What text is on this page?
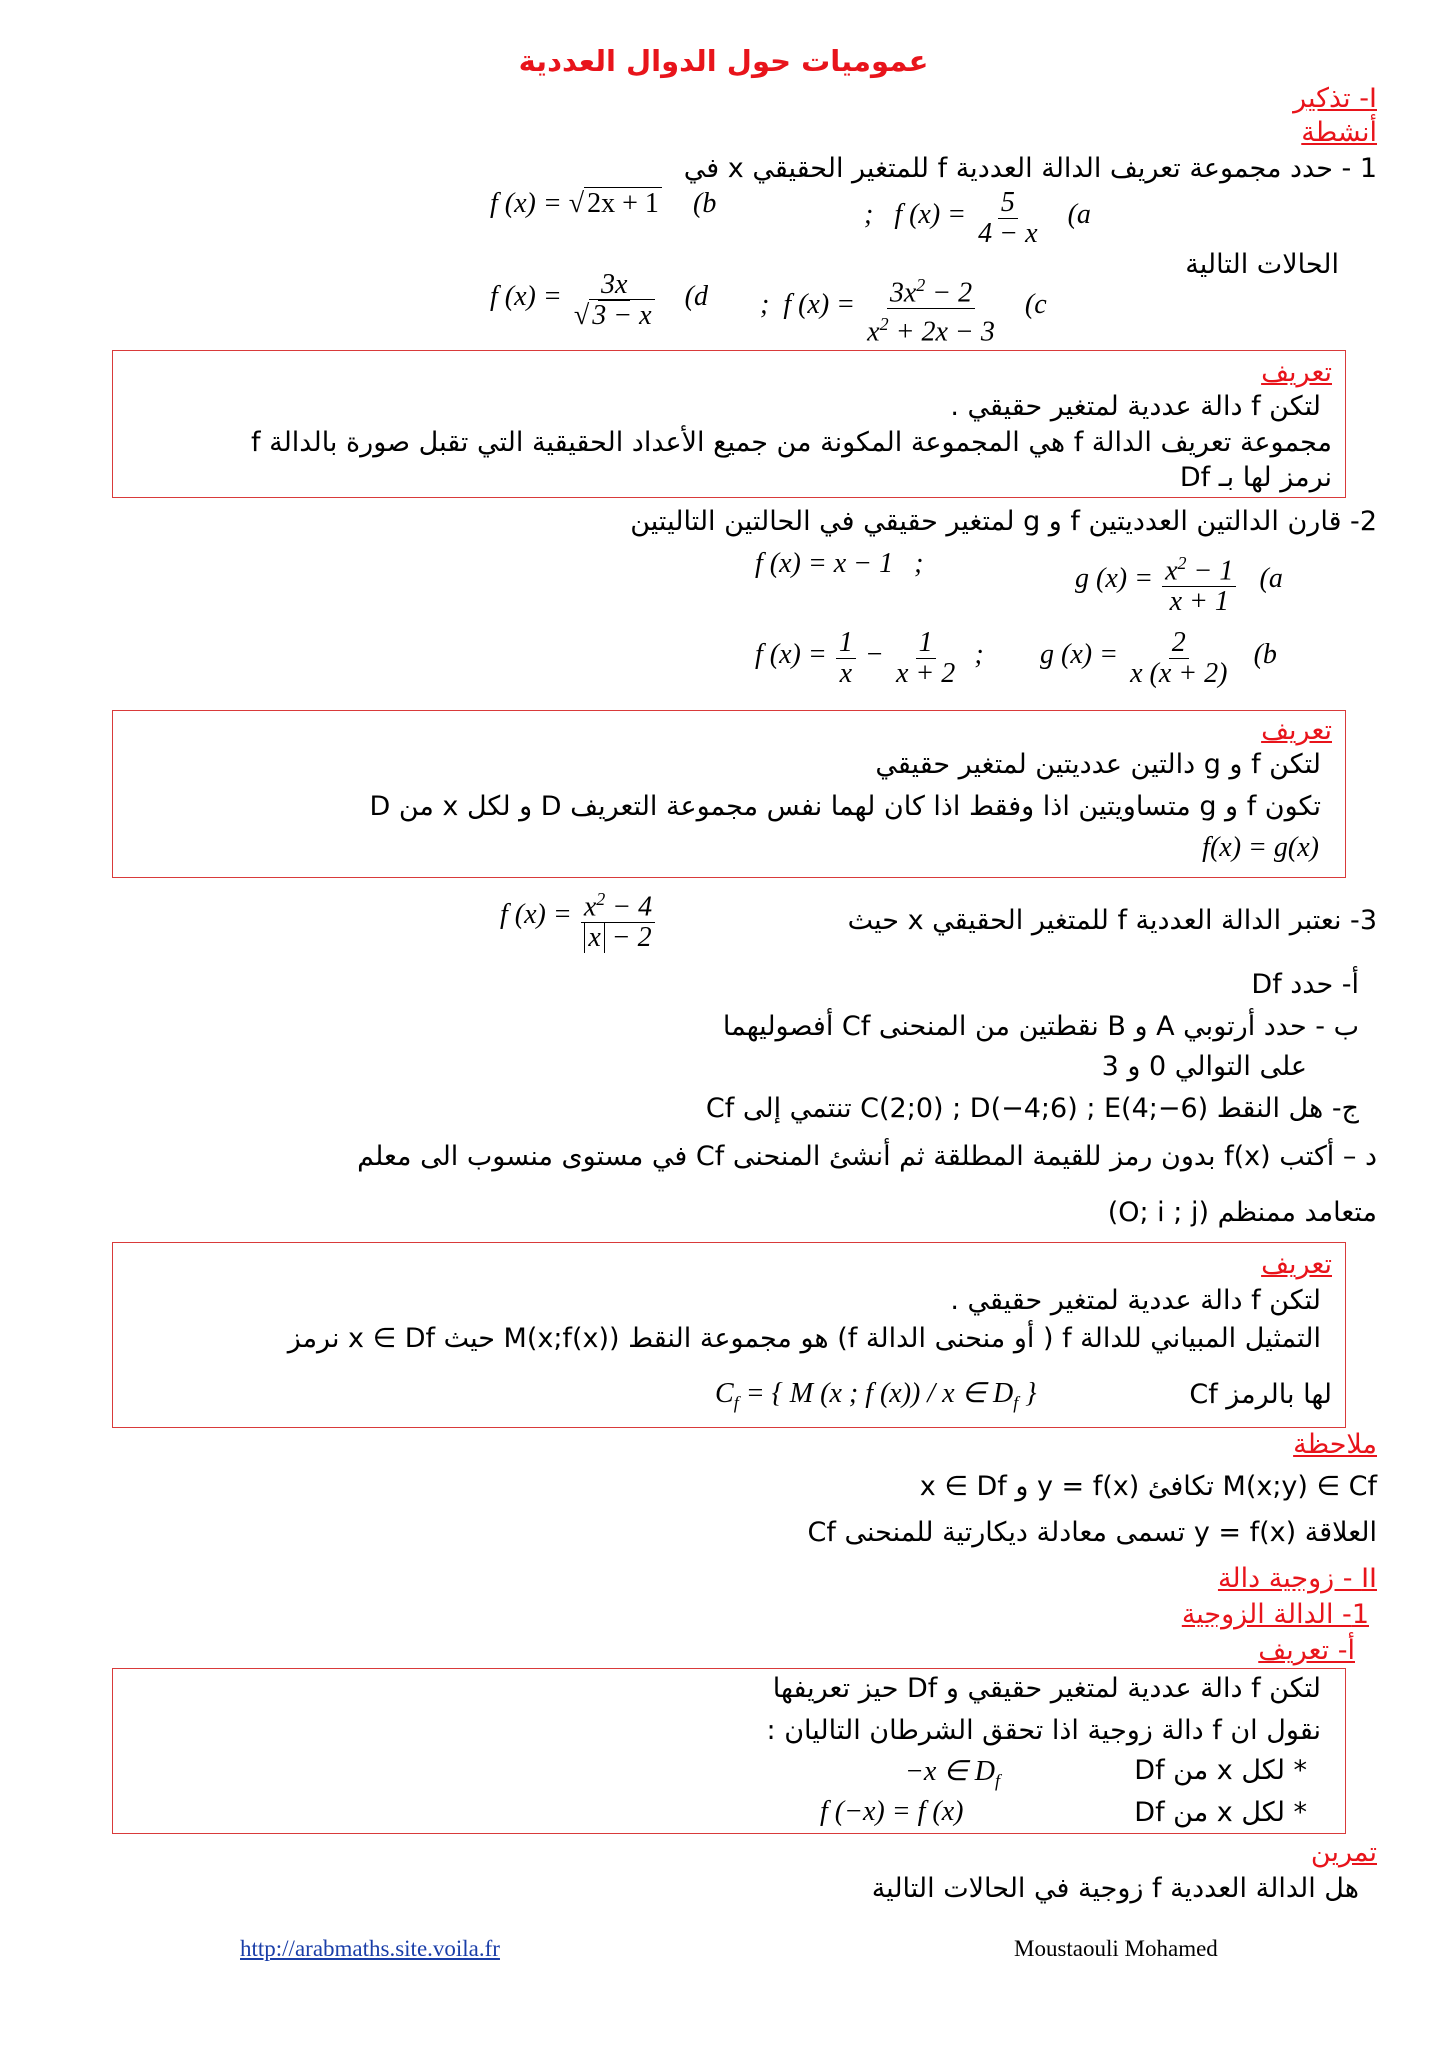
عموميات حول الدوال العددية
I- تذكير
أنشطة
1 - حدد مجموعة تعريف الدالة العددية f للمتغير الحقيقي x في
الحالات التالية
f (x) = √ 2x + 1 (b	;   f $(x) = \frac{5}{4 - x} (a$
f $(x) = \frac{3x}{√ 3 - x} (d$ ;  f $(x) = \frac{3x^2 - 2}{x^2 + 2x - 3} (c$
تعريف
لتكن f دالة عددية لمتغير حقيقي .
مجموعة تعريف الدالة f هي المجموعة المكونة من جميع الأعداد الحقيقية التي تقبل صورة بالدالة f
نرمز لها بـ Df
2- قارن الدالتين العدديتين f و g لمتغير حقيقي في الحالتين التاليتين
f (x) = x − 1   ;	g $(x) = \frac{x^2 - 1}{x + 1} (a$
f $(x) = \frac{1}{x} - \frac{1}{x + 2}$ ; g $(x) = \frac{2}{x (x + 2)} (b$
تعريف
لتكن f و g دالتين عدديتين لمتغير حقيقي
تكون f و g متساويتين اذا وفقط اذا كان لهما نفس مجموعة التعريف D و لكل x من D
f(x) = g(x)
3- نعتبر الدالة العددية f للمتغير الحقيقي x حيث
f $(x) = \frac{x^2 - 4}{x - 2}$
أ- حدد Df
ب - حدد أرتوبي A و B نقطتين من المنحنى Cf أفصوليهما
على التوالي 0 و 3
ج- هل النقط C(2;0) ; D(−4;6) ; E(4;−6) تنتمي إلى Cf
د – أكتب f(x) بدون رمز للقيمة المطلقة ثم أنشئ المنحنى Cf في مستوى منسوب الى معلم
متعامد ممنظم (O; i ; j)
تعريف
لتكن f دالة عددية لمتغير حقيقي .
التمثيل المبياني للدالة f ( أو منحنى الدالة f) هو مجموعة النقط M(x;f(x)) حيث x ∈ Df نرمز
لها بالرمز Cf
$C_f$ = { M (x ; f (x)) / x ∈ $D_f$ }
ملاحظة
M(x;y) ∈ Cf تكافئ y = f(x) و x ∈ Df
العلاقة y = f(x) تسمى معادلة ديكارتية للمنحنى Cf
II - زوجية دالة
1- الدالة الزوجية
أ- تعريف
لتكن f دالة عددية لمتغير حقيقي و Df حيز تعريفها
نقول ان f دالة زوجية اذا تحقق الشرطان التاليان :
* لكل x من Df
−x ∈ $D_f$
* لكل x من Df
f (−x) = f (x)
تمرين
هل الدالة العددية f زوجية في الحالات التالية
http://arabmaths.site.voila.fr	Moustaouli Mohamed
